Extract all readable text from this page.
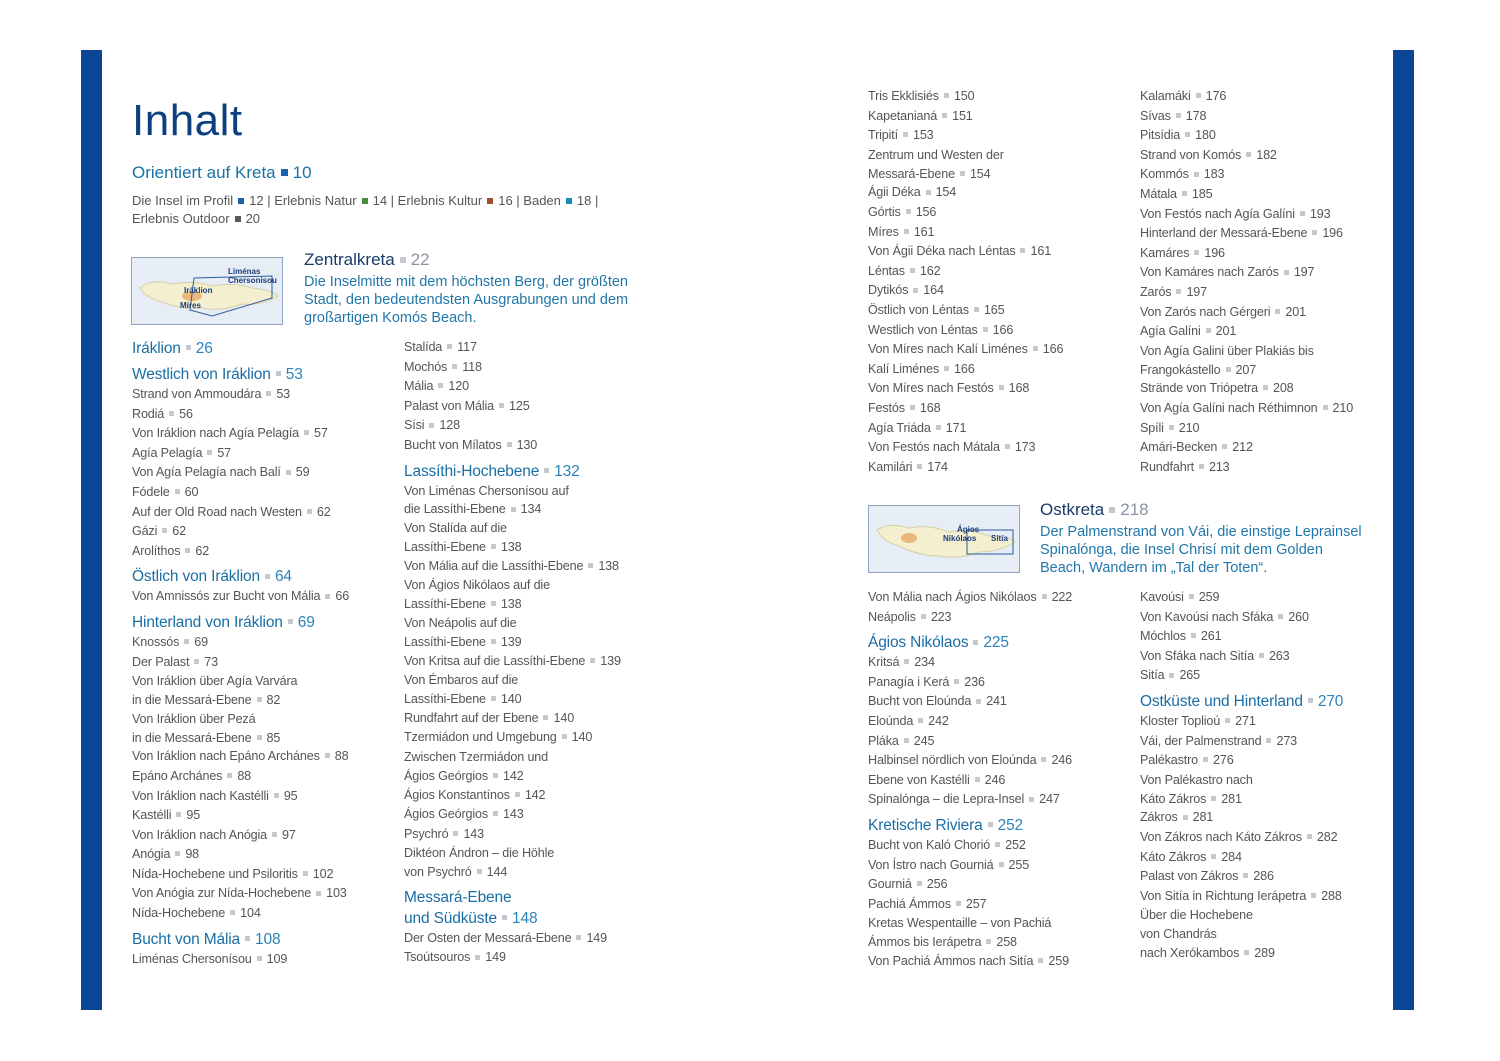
Inhalt
Orientiert auf Kreta 10
Die Insel im Profil 12 | Erlebnis Natur 14 | Erlebnis Kultur 16 | Baden 18 |
Erlebnis Outdoor 20
Liménas
Chersonisou
Iráklion
Míres
Zentralkreta 22
Die Inselmitte mit dem höchsten Berg, der größten Stadt, den bedeutendsten Ausgrabungen und dem großartigen Komós Beach.
Ágios
Nikólaos Sitía
Ostkreta 218
Der Palmenstrand von Vái, die einstige Leprainsel Spinalónga, die Insel Chrisí mit dem Golden Beach, Wandern im „Tal der Toten“.
Iráklion 26
Westlich von Iráklion 53
Strand von Ammoudára 53
Rodiá 56
Von Iráklion nach Agía Pelagía 57
Agía Pelagía 57
Von Agía Pelagía nach Balí 59
Fódele 60
Auf der Old Road nach Westen 62
Gázi 62
Arolíthos 62
Östlich von Iráklion 64
Von Amnissós zur Bucht von Mália 66
Hinterland von Iráklion 69
Knossós 69
Der Palast 73
Von Iráklion über Agía Varvára
in die Messará-Ebene 82
Von Iráklion über Pezá
in die Messará-Ebene 85
Von Iráklion nach Epáno Archánes 88
Epáno Archánes 88
Von Iráklion nach Kastélli 95
Kastélli 95
Von Iráklion nach Anógia 97
Anógia 98
Nída-Hochebene und Psiloritis 102
Von Anógia zur Nída-Hochebene 103
Nída-Hochebene 104
Bucht von Mália 108
Liménas Chersonísou 109
Stalída 117
Mochós 118
Mália 120
Palast von Mália 125
Sísi 128
Bucht von Mílatos 130
Lassíthi-Hochebene 132
Von Liménas Chersonísou auf
die Lassíthi-Ebene 134
Von Stalída auf die
Lassíthi-Ebene 138
Von Mália auf die Lassíthi-Ebene 138
Von Ágios Nikólaos auf die
Lassíthi-Ebene 138
Von Neápolis auf die
Lassíthi-Ebene 139
Von Kritsa auf die Lassíthi-Ebene 139
Von Émbaros auf die
Lassíthi-Ebene 140
Rundfahrt auf der Ebene 140
Tzermiádon und Umgebung 140
Zwischen Tzermiádon und
Ágios Geórgios 142
Ágios Konstantínos 142
Ágios Geórgios 143
Psychró 143
Diktéon Ándron – die Höhle
von Psychró 144
Messará-Ebene
und Südküste 148
Der Osten der Messará-Ebene 149
Tsoútsouros 149
Tris Ekklisiés 150
Kapetanianá 151
Tripití 153
Zentrum und Westen der
Messará-Ebene 154
Ágii Déka 154
Górtis 156
Míres 161
Von Ágii Déka nach Léntas 161
Léntas 162
Dytikós 164
Östlich von Léntas 165
Westlich von Léntas 166
Von Míres nach Kalí Liménes 166
Kalí Liménes 166
Von Míres nach Festós 168
Festós 168
Agía Triáda 171
Von Festós nach Mátala 173
Kamilári 174
Kalamáki 176
Sívas 178
Pitsídia 180
Strand von Komós 182
Kommós 183
Mátala 185
Von Festós nach Agía Galíni 193
Hinterland der Messará-Ebene 196
Kamáres 196
Von Kamáres nach Zarós 197
Zarós 197
Von Zarós nach Gérgeri 201
Agía Galíni 201
Von Agía Galini über Plakiás bis
Frangokástello 207
Strände von Triópetra 208
Von Agía Galíni nach Réthimnon 210
Spíli 210
Amári-Becken 212
Rundfahrt 213
Von Mália nach Ágios Nikólaos 222
Neápolis 223
Ágios Nikólaos 225
Kritsá 234
Panagía i Kerá 236
Bucht von Eloúnda 241
Eloúnda 242
Pláka 245
Halbinsel nördlich von Eloúnda 246
Ebene von Kastélli 246
Spinalónga – die Lepra-Insel 247
Kretische Riviera 252
Bucht von Kaló Chorió 252
Von Ístro nach Gourniá 255
Gourniá 256
Pachiá Ámmos 257
Kretas Wespentaille – von Pachiá
Ámmos bis Ierápetra 258
Von Pachiá Ámmos nach Sitía 259
Kavoúsi 259
Von Kavoúsi nach Sfáka 260
Móchlos 261
Von Sfáka nach Sitía 263
Sitía 265
Ostküste und Hinterland 270
Kloster Toplioú 271
Vái, der Palmenstrand 273
Palékastro 276
Von Palékastro nach
Káto Zákros 281
Zákros 281
Von Zákros nach Káto Zákros 282
Káto Zákros 284
Palast von Zákros 286
Von Sitía in Richtung Ierápetra 288
Über die Hochebene
von Chandrás
nach Xerókambos 289
